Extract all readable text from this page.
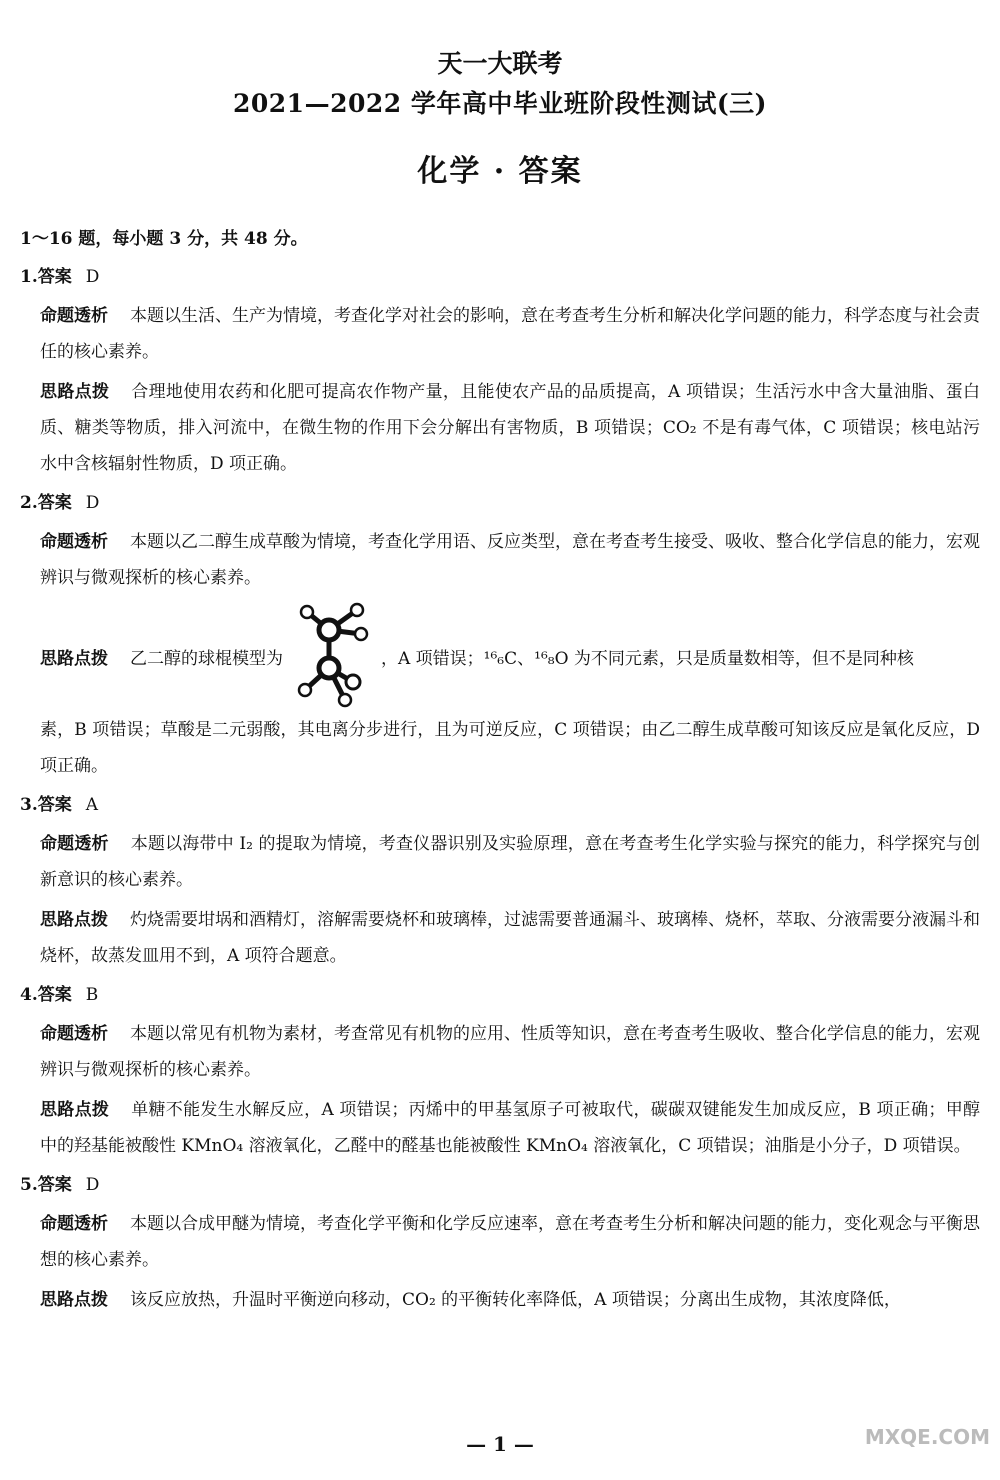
天一大联考
2021—2022 学年高中毕业班阶段性测试(三)
化学 · 答案
1～16 题，每小题 3 分，共 48 分。
1.答案 D
命题透析 本题以生活、生产为情境，考查化学对社会的影响，意在考查考生分析和解决化学问题的能力，科学态度与社会责任的核心素养。
思路点拨 合理地使用农药和化肥可提高农作物产量，且能使农产品的品质提高，A 项错误；生活污水中含大量油脂、蛋白质、糖类等物质，排入河流中，在微生物的作用下会分解出有害物质，B 项错误；CO₂ 不是有毒气体，C 项错误；核电站污水中含核辐射性物质，D 项正确。
2.答案 D
命题透析 本题以乙二醇生成草酸为情境，考查化学用语、反应类型，意在考查考生接受、吸收、整合化学信息的能力，宏观辨识与微观探析的核心素养。
思路点拨 乙二醇的球棍模型为	，A 项错误；¹⁶₆C、¹⁶₈O 为不同元素，只是质量数相等，但不是同种核
素，B 项错误；草酸是二元弱酸，其电离分步进行，且为可逆反应，C 项错误；由乙二醇生成草酸可知该反应是氧化反应，D 项正确。
3.答案 A
命题透析 本题以海带中 I₂ 的提取为情境，考查仪器识别及实验原理，意在考查考生化学实验与探究的能力，科学探究与创新意识的核心素养。
思路点拨 灼烧需要坩埚和酒精灯，溶解需要烧杯和玻璃棒，过滤需要普通漏斗、玻璃棒、烧杯，萃取、分液需要分液漏斗和烧杯，故蒸发皿用不到，A 项符合题意。
4.答案 B
命题透析 本题以常见有机物为素材，考查常见有机物的应用、性质等知识，意在考查考生吸收、整合化学信息的能力，宏观辨识与微观探析的核心素养。
思路点拨 单糖不能发生水解反应，A 项错误；丙烯中的甲基氢原子可被取代，碳碳双键能发生加成反应，B 项正确；甲醇中的羟基能被酸性 KMnO₄ 溶液氧化，乙醛中的醛基也能被酸性 KMnO₄ 溶液氧化，C 项错误；油脂是小分子，D 项错误。
5.答案 D
命题透析 本题以合成甲醚为情境，考查化学平衡和化学反应速率，意在考查考生分析和解决问题的能力，变化观念与平衡思想的核心素养。
思路点拨 该反应放热，升温时平衡逆向移动，CO₂ 的平衡转化率降低，A 项错误；分离出生成物，其浓度降低，
— 1 —	MXQE.COM
